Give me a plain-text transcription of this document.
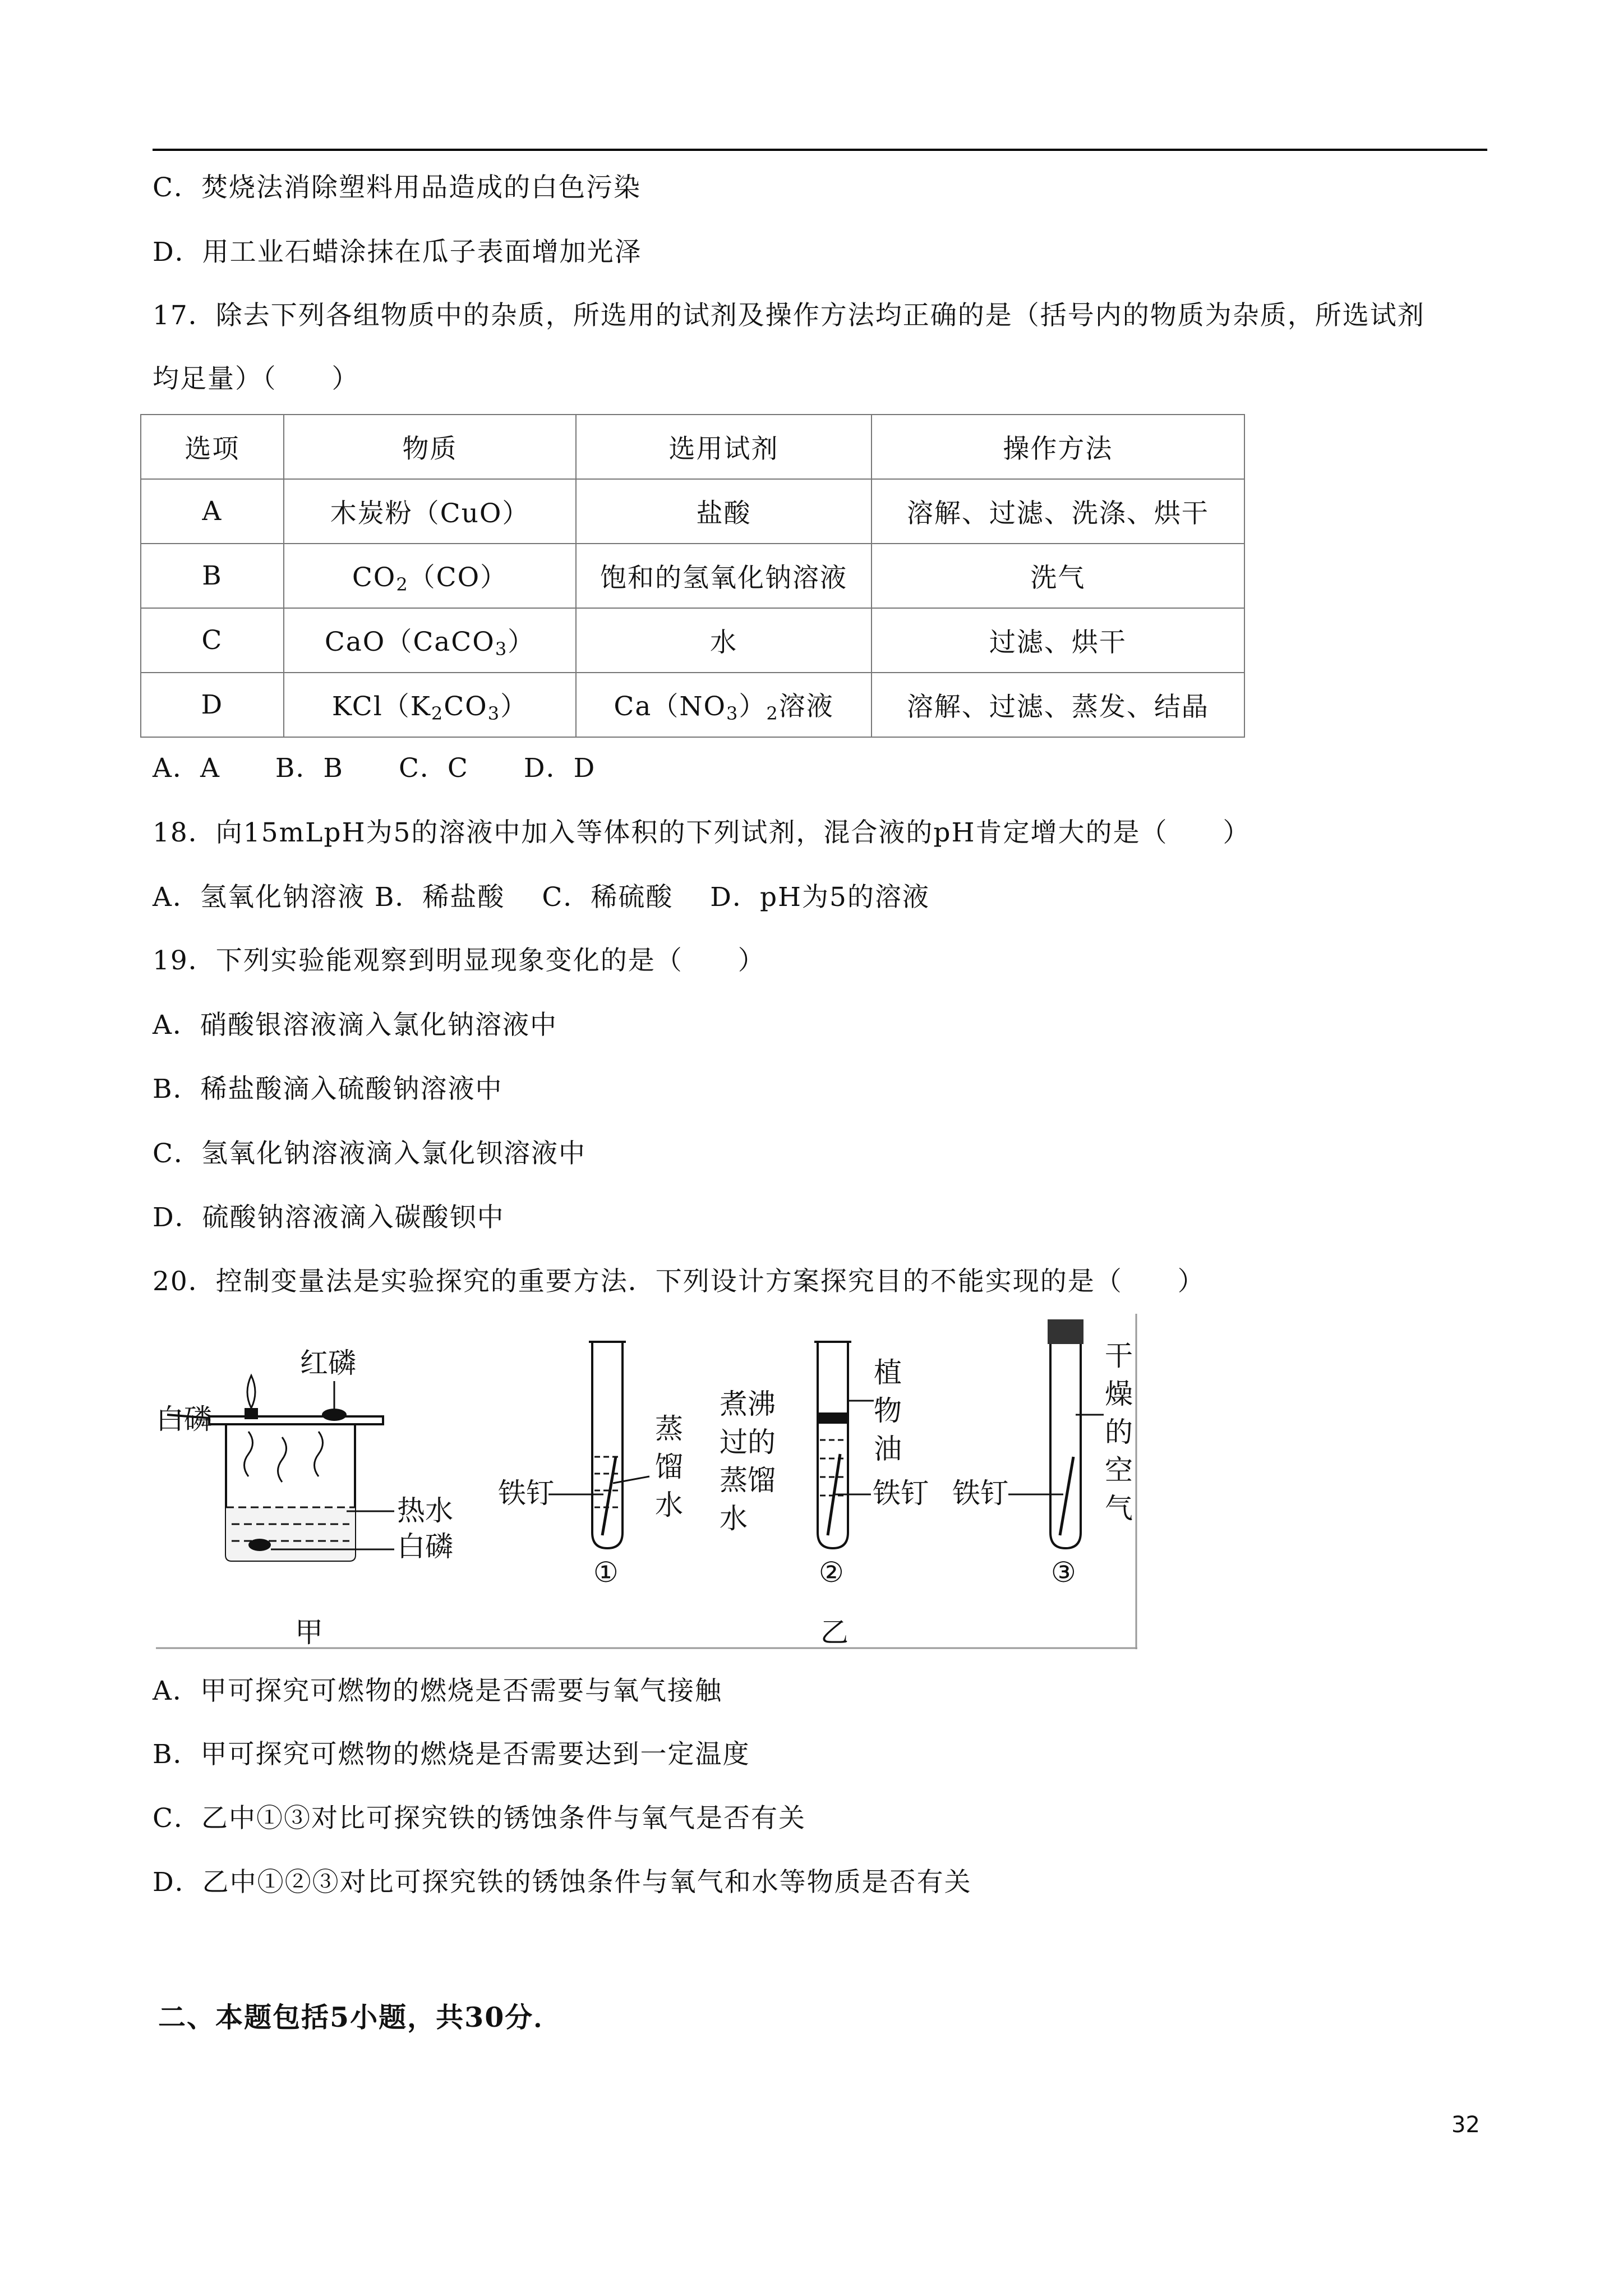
C．焚烧法消除塑料用品造成的白色污染
D．用工业石蜡涂抹在瓜子表面增加光泽
17．除去下列各组物质中的杂质，所选用的试剂及操作方法均正确的是（括号内的物质为杂质，所选试剂
均足量）（　　）
选项	物质	选用试剂	操作方法
A	木炭粉（CuO）	盐酸	溶解、过滤、洗涤、烘干
B	$CO_2(CO)$	饱和的氢氧化钠溶液	洗气
C	CaO（CaCO$_3$）	水	过滤、烘干
D	$KCl(K_2CO_3)$	$Ca(NO_3)_2$溶液	溶解、过滤、蒸发、结晶
A．A　　B．B　　C．C　　D．D
18．向15mLpH为5的溶液中加入等体积的下列试剂，混合液的pH肯定增大的是（　　）
A．氢氧化钠溶液 B．稀盐酸　 C．稀硫酸　 D．pH为5的溶液
19．下列实验能观察到明显现象变化的是（　　）
A．硝酸银溶液滴入氯化钠溶液中
B．稀盐酸滴入硫酸钠溶液中
C．氢氧化钠溶液滴入氯化钡溶液中
D．硫酸钠溶液滴入碳酸钡中
20．控制变量法是实验探究的重要方法．下列设计方案探究目的不能实现的是（　　）
红磷
白磷
热水
白磷
甲
铁钉
蒸
馏
水
①
煮沸
过的
蒸馏
水
植
物
油
铁钉
②
铁钉
干
燥
的
空
气
③
乙
A．甲可探究可燃物的燃烧是否需要与氧气接触
B．甲可探究可燃物的燃烧是否需要达到一定温度
C．乙中①③对比可探究铁的锈蚀条件与氧气是否有关
D．乙中①②③对比可探究铁的锈蚀条件与氧气和水等物质是否有关
二、本题包括5小题，共30分．
32
